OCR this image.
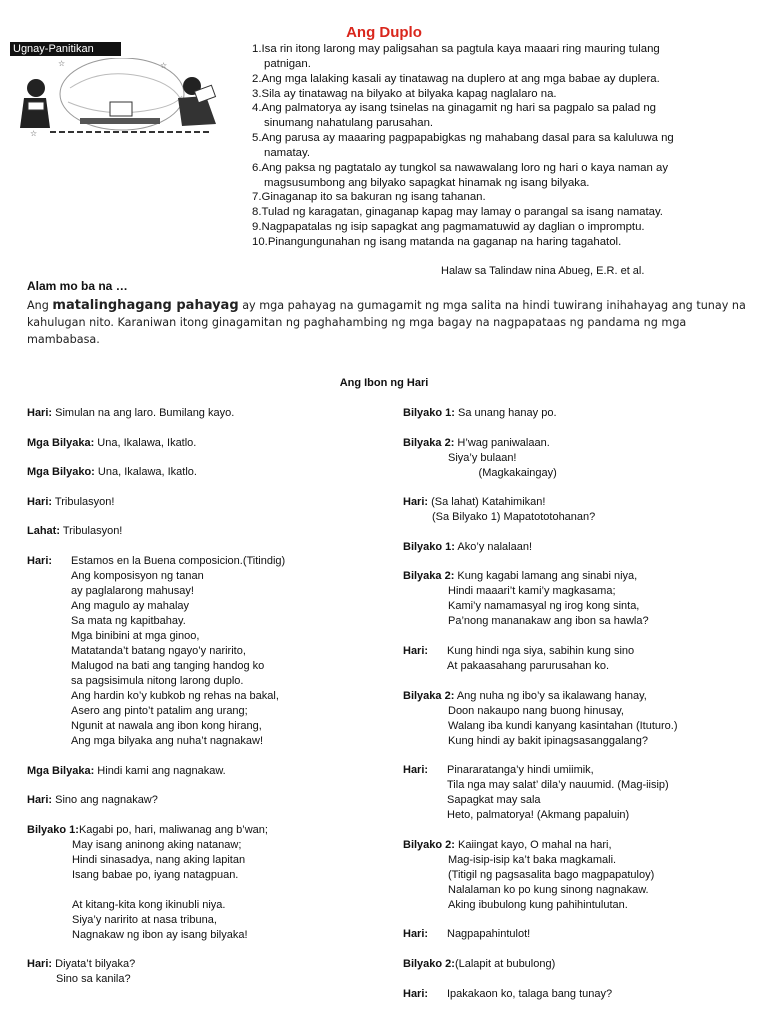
Ang Duplo
Ugnay-Panitikan
☆	☆
☆
1.Isa rin itong larong may paligsahan sa pagtula kaya maaari ring mauring tulang
patnigan.
2.Ang mga lalaking kasali ay tinatawag na duplero at ang mga babae ay duplera.
3.Sila ay tinatawag na bilyako at bilyaka kapag naglalaro na.
4.Ang palmatorya ay isang tsinelas na ginagamit ng hari sa pagpalo sa palad ng
sinumang nahatulang parusahan.
5.Ang parusa ay maaaring pagpapabigkas ng mahabang dasal para sa kaluluwa ng
namatay.
6.Ang paksa ng pagtatalo ay tungkol sa nawawalang loro ng hari o kaya naman ay
magsusumbong ang bilyako sapagkat hinamak ng isang bilyaka.
7.Ginaganap ito sa bakuran ng isang tahanan.
8.Tulad ng karagatan, ginaganap kapag may lamay o parangal sa isang namatay.
9.Nagpapatalas ng isip sapagkat ang pagmamatuwid ay daglian o impromptu.
10.Pinangungunahan ng isang matanda na gaganap na haring tagahatol.
Halaw sa Talindaw nina Abueg, E.R. et al.
Alam mo ba na …
Ang matalinghagang pahayag ay mga pahayag na gumagamit ng mga salita na hindi tuwirang inihahayag ang tunay na kahulugan nito. Karaniwan itong ginagamitan ng paghahambing ng mga bagay na nagpapataas ng pandama ng mga mambabasa.
Ang Ibon ng Hari
Hari: Simulan na ang laro. Bumilang kayo.
Mga Bilyaka: Una, Ikalawa, Ikatlo.
Mga Bilyako: Una, Ikalawa, Ikatlo.
Hari: Tribulasyon!
Lahat: Tribulasyon!
Hari: Estamos en la Buena composicion.(Titindig)
Ang komposisyon ng tanan
ay paglalarong mahusay!
Ang magulo ay mahalay
Sa mata ng kapitbahay.
Mga binibini at mga ginoo,
Matatanda’t batang ngayo’y naririto,
Malugod na bati ang tanging handog ko
sa pagsisimula nitong larong duplo.
Ang hardin ko’y kubkob ng rehas na bakal,
Asero ang pinto’t patalim ang urang;
Ngunit at nawala ang ibon kong hirang,
Ang mga bilyaka ang nuha’t nagnakaw!
Mga Bilyaka: Hindi kami ang nagnakaw.
Hari: Sino ang nagnakaw?
Bilyako 1:Kagabi po, hari, maliwanag ang b’wan;
May isang aninong aking natanaw;
Hindi sinasadya, nang aking lapitan
Isang babae po, iyang natagpuan.
At kitang-kita kong ikinubli niya.
Siya’y naririto at nasa tribuna,
Nagnakaw ng ibon ay isang bilyaka!
Hari: Diyata’t bilyaka?
Sino sa kanila?
Bilyako 1: Sa unang hanay po.
Bilyaka 2: H’wag paniwalaan.
Siya’y bulaan!
(Magkakaingay)
Hari: (Sa lahat) Katahimikan!
(Sa Bilyako 1) Mapatototohanan?
Bilyako 1: Ako’y nalalaan!
Bilyaka 2: Kung kagabi lamang ang sinabi niya,
Hindi maaari’t kami’y magkasama;
Kami’y namamasyal ng irog kong sinta,
Pa’nong mananakaw ang ibon sa hawla?
Hari: Kung hindi nga siya, sabihin kung sino
At pakaasahang parurusahan ko.
Bilyaka 2: Ang nuha ng ibo’y sa ikalawang hanay,
Doon nakaupo nang buong hinusay,
Walang iba kundi kanyang kasintahan (Ituturo.)
Kung hindi ay bakit ipinagsasanggalang?
Hari: Pinararatanga’y hindi umiimik,
Tila nga may salat’ dila’y nauumid. (Mag-iisip)
Sapagkat may sala
Heto, palmatorya! (Akmang papaluin)
Bilyako 2: Kaiingat kayo, O mahal na hari,
Mag-isip-isip ka’t baka magkamali.
(Titigil ng pagsasalita bago magpapatuloy)
Nalalaman ko po kung sinong nagnakaw.
Aking ibubulong kung pahihintulutan.
Hari: Nagpapahintulot!
Bilyako 2:(Lalapit at bubulong)
Hari: Ipakakaon ko, talaga bang tunay?
